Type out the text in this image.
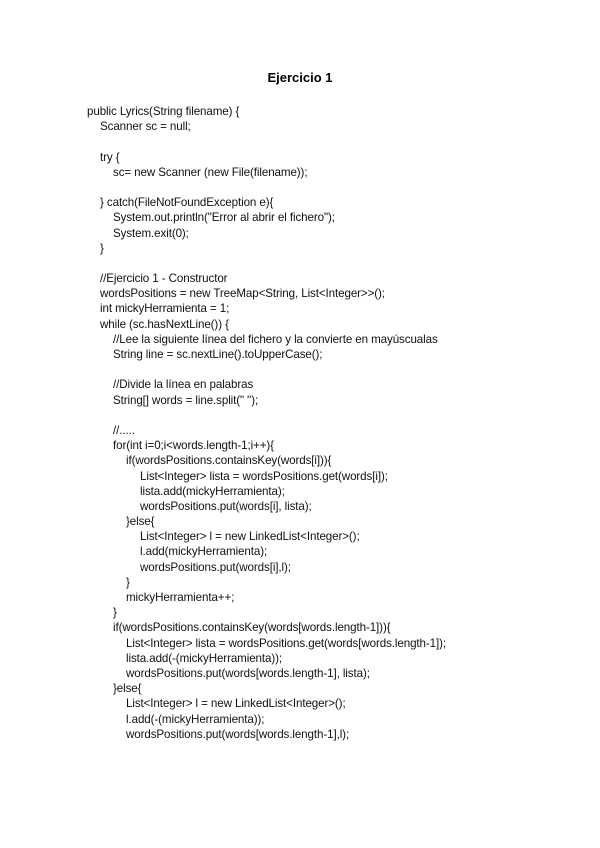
Ejercicio 1
public Lyrics(String filename) {
Scanner sc = null;
try {
sc= new Scanner (new File(filename));
} catch(FileNotFoundException e){
System.out.println("Error al abrir el fichero");
System.exit(0);
}
//Ejercicio 1 - Constructor
wordsPositions = new TreeMap<String, List<Integer>>();
int mickyHerramienta = 1;
while (sc.hasNextLine()) {
//Lee la siguiente línea del fichero y la convierte en mayúscualas
String line = sc.nextLine().toUpperCase();
//Divide la línea en palabras
String[] words = line.split(" ");
//.....
for(int i=0;i<words.length-1;i++){
if(wordsPositions.containsKey(words[i])){
List<Integer> lista = wordsPositions.get(words[i]);
lista.add(mickyHerramienta);
wordsPositions.put(words[i], lista);
}else{
List<Integer> l = new LinkedList<Integer>();
l.add(mickyHerramienta);
wordsPositions.put(words[i],l);
}
mickyHerramienta++;
}
if(wordsPositions.containsKey(words[words.length-1])){
List<Integer> lista = wordsPositions.get(words[words.length-1]);
lista.add(-(mickyHerramienta));
wordsPositions.put(words[words.length-1], lista);
}else{
List<Integer> l = new LinkedList<Integer>();
l.add(-(mickyHerramienta));
wordsPositions.put(words[words.length-1],l);
